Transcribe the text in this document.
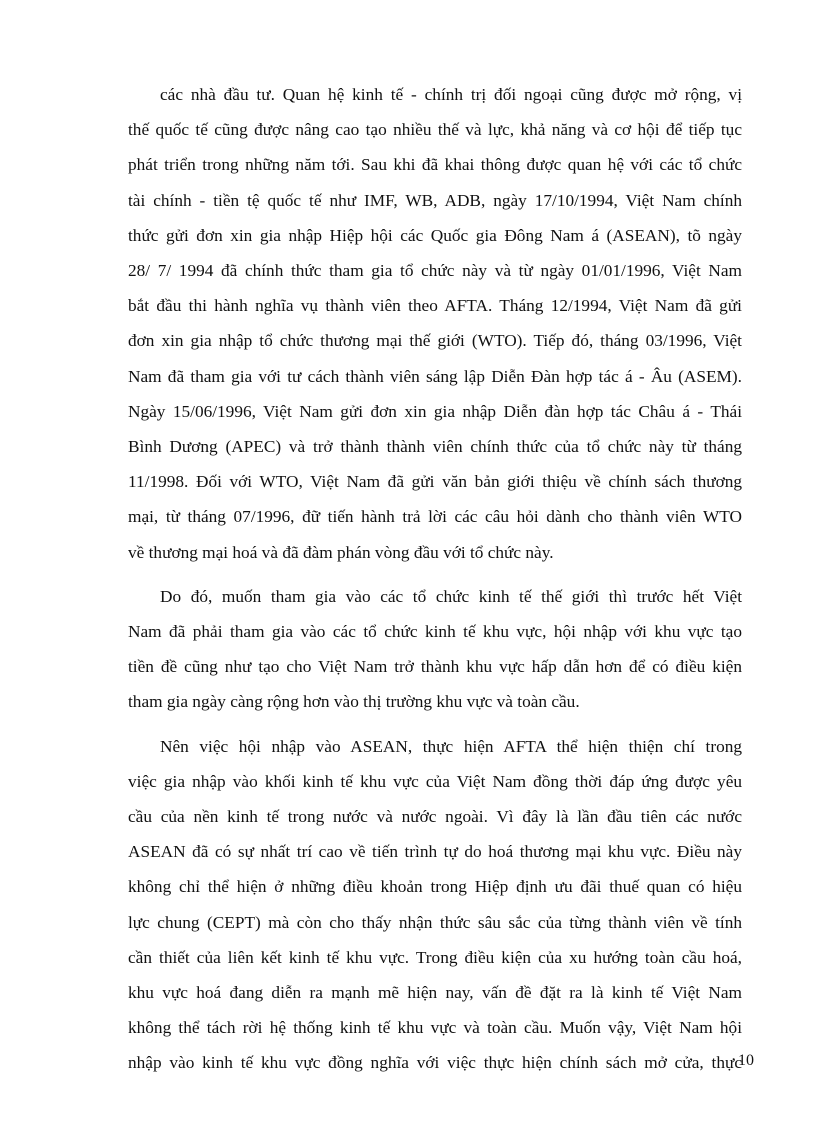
các nhà đầu tư. Quan hệ kinh tế - chính trị đối ngoại cũng được mở rộng, vị
thế quốc tế cũng được nâng cao tạo nhiều thế và lực, khả năng và cơ hội để tiếp tục
phát triển trong những năm tới. Sau khi đã khai thông được quan hệ với các tổ chức
tài chính - tiền tệ quốc tế như IMF, WB, ADB, ngày 17/10/1994, Việt Nam chính
thức gửi đơn xin gia nhập Hiệp hội các Quốc gia Đông Nam á (ASEAN), tõ ngày
28/ 7/ 1994 đã chính thức tham gia tổ chức này và từ ngày 01/01/1996, Việt Nam
bắt đầu thi hành nghĩa vụ thành viên theo AFTA. Tháng 12/1994, Việt Nam đã gửi
đơn xin gia nhập tổ chức thương mại thế giới (WTO). Tiếp đó, tháng 03/1996, Việt
Nam đã tham gia với tư cách thành viên sáng lập Diễn Đàn hợp tác á - Âu (ASEM).
Ngày 15/06/1996, Việt Nam gửi đơn xin gia nhập Diễn đàn hợp tác Châu á - Thái
Bình Dương (APEC) và trở thành thành viên chính thức của tổ chức này từ tháng
11/1998. Đối với WTO, Việt Nam đã gửi văn bản giới thiệu về chính sách thương
mại, từ tháng 07/1996, đữ tiến hành trả lời các câu hỏi dành cho thành viên WTO
về thương mại hoá và đã đàm phán vòng đầu với tổ chức này.

Do đó, muốn tham gia vào các tổ chức kinh tế thế giới thì trước hết Việt
Nam đã phải tham gia vào các tổ chức kinh tế khu vực, hội nhập với khu vực tạo
tiền đề cũng như tạo cho Việt Nam trở thành khu vực hấp dẫn hơn để có điều kiện
tham gia ngày càng rộng hơn vào thị trường khu vực và toàn cầu.

Nên việc hội nhập vào ASEAN, thực hiện AFTA thể hiện thiện chí trong
việc gia nhập vào khối kinh tế khu vực của Việt Nam đồng thời đáp ứng được yêu
cầu của nền kinh tế trong nước và nước ngoài. Vì đây là lần đầu tiên các nước
ASEAN đã có sự nhất trí cao về tiến trình tự do hoá thương mại khu vực. Điều này
không chỉ thể hiện ở những điều khoản trong Hiệp định ưu đãi thuế quan có hiệu
lực chung (CEPT) mà còn cho thấy nhận thức sâu sắc của từng thành viên về tính
cần thiết của liên kết kinh tế khu vực. Trong điều kiện của xu hướng toàn cầu hoá,
khu vực hoá đang diễn ra mạnh mẽ hiện nay, vấn đề đặt ra là kinh tế Việt Nam
không thể tách rời hệ thống kinh tế khu vực và toàn cầu. Muốn vậy, Việt Nam hội
nhập vào kinh tế khu vực đồng nghĩa với việc thực hiện chính sách mở cửa, thực

10
